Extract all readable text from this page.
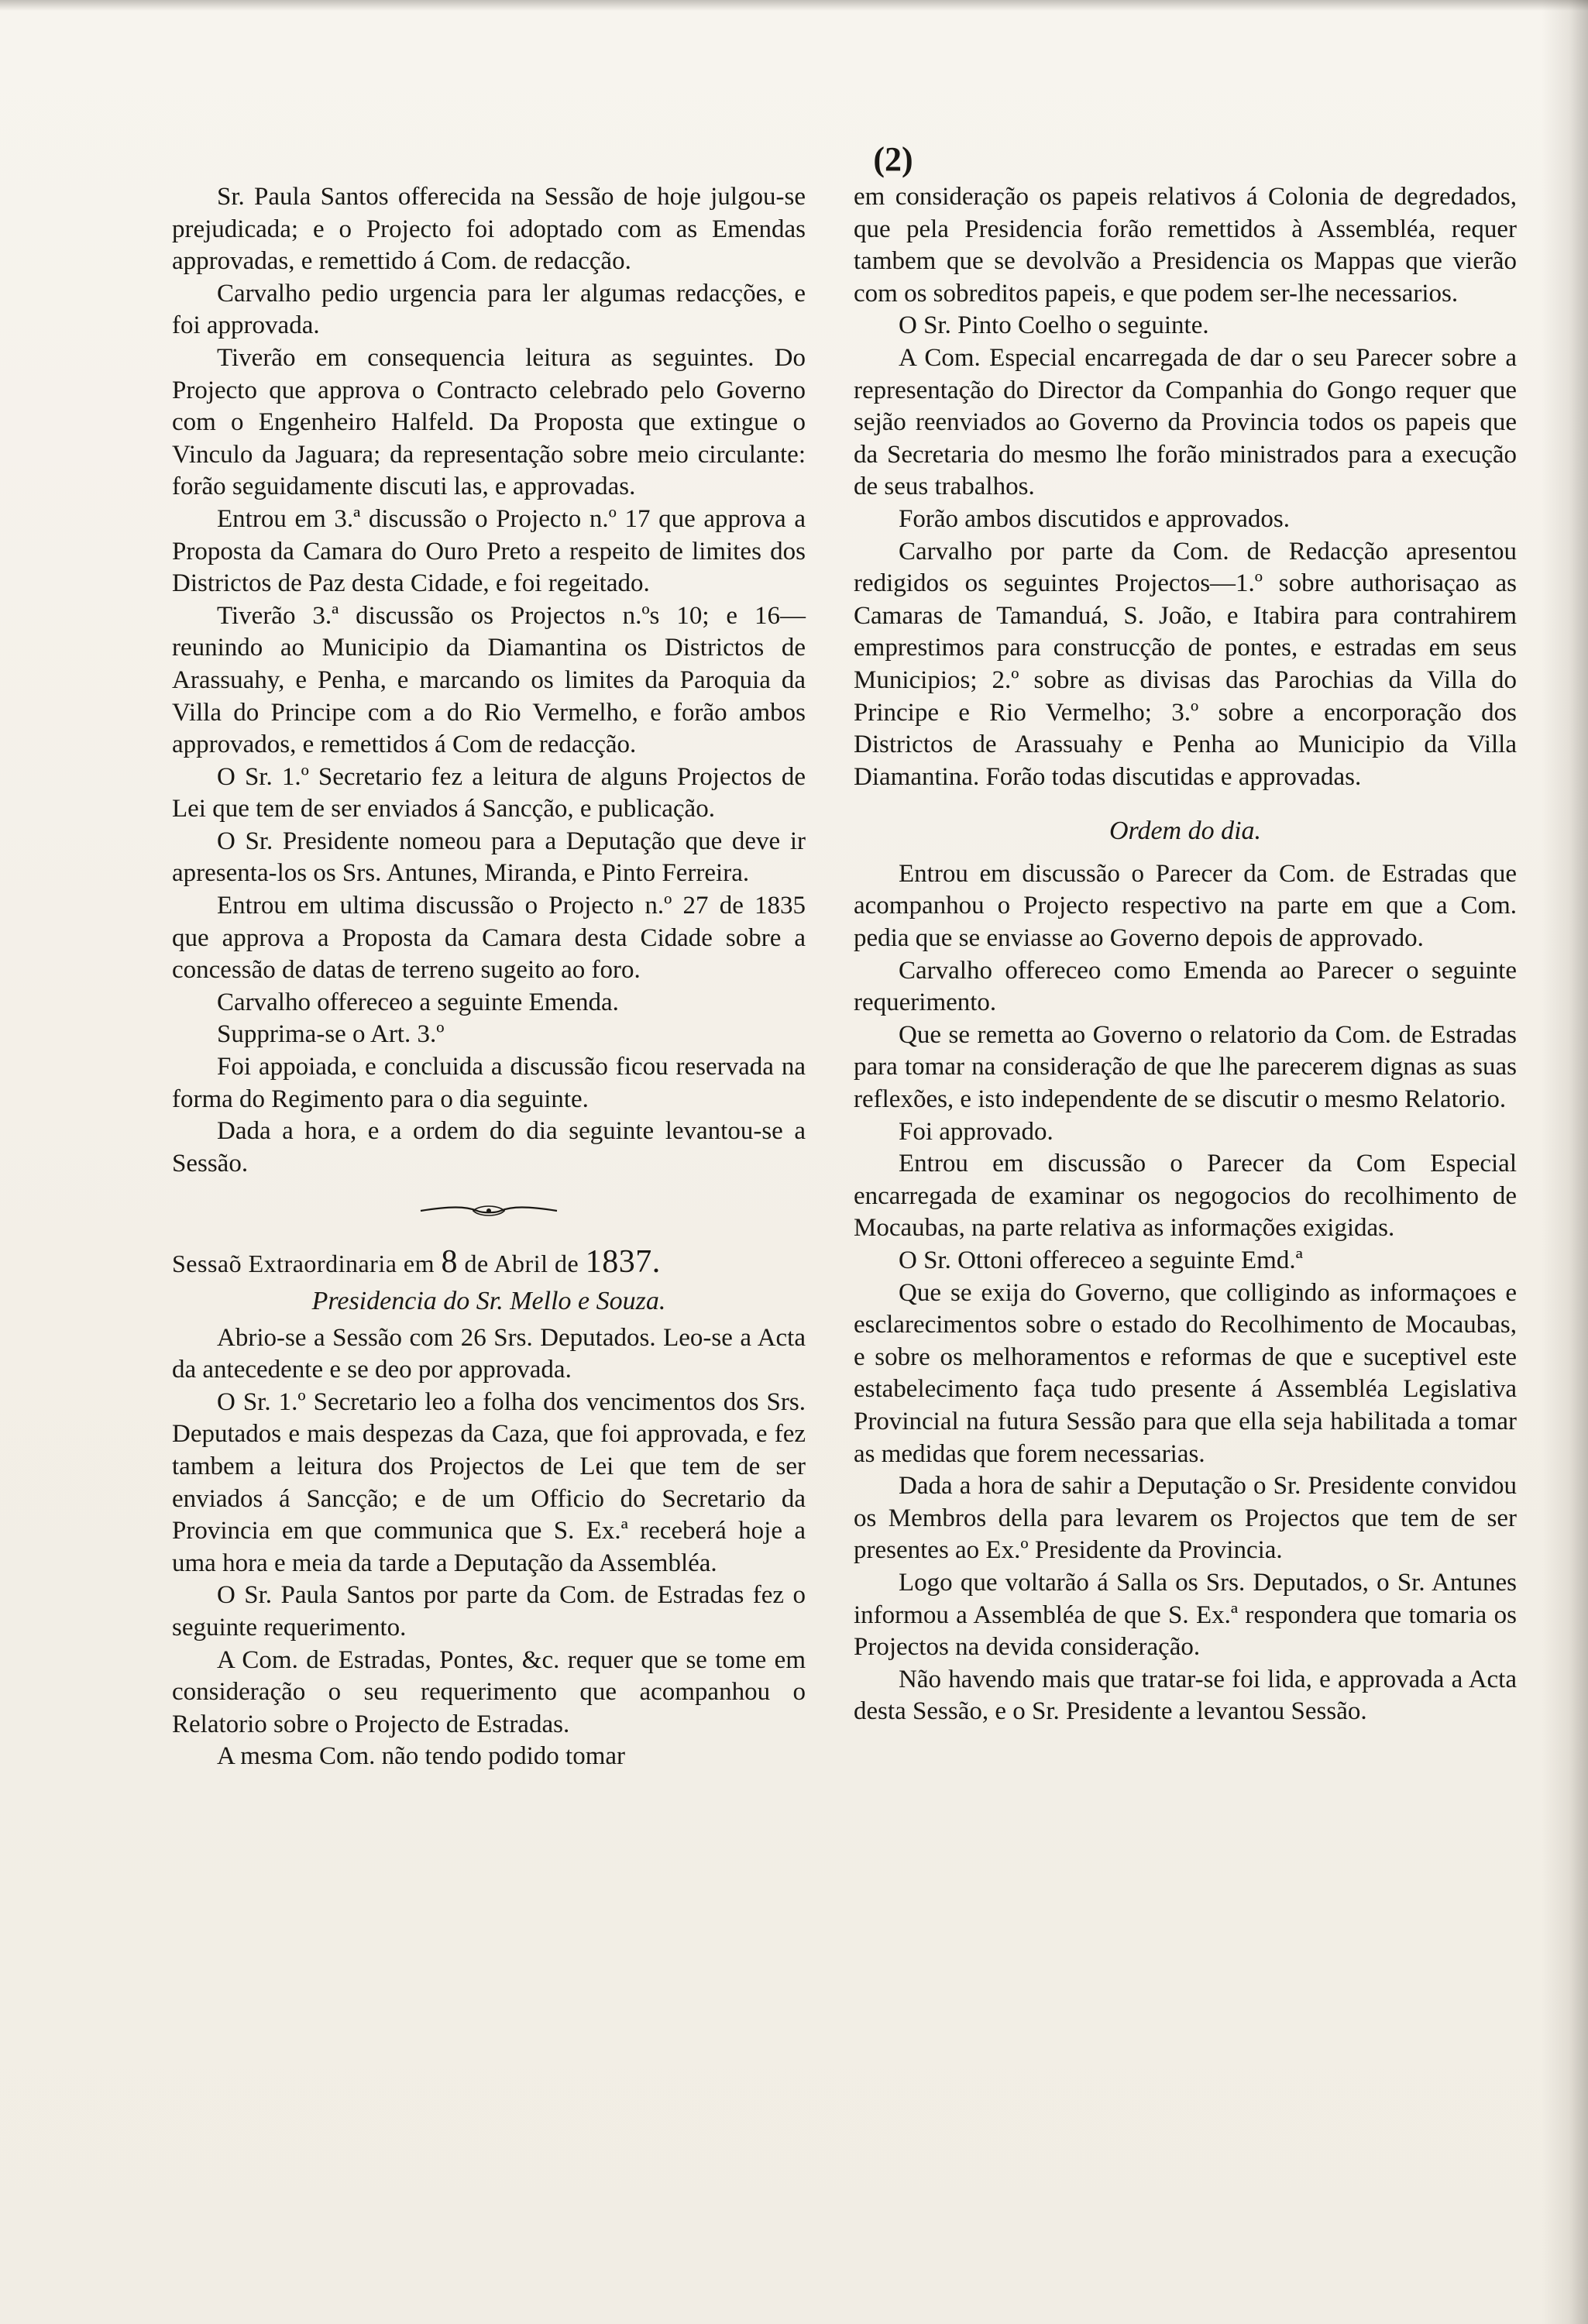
(2)

Sr. Paula Santos offerecida na Sessão de hoje julgou-se prejudicada; e o Projecto foi adoptado com as Emendas approvadas, e remettido á Com. de redacção.

Carvalho pedio urgencia para ler algumas redacções, e foi approvada.

Tiverão em consequencia leitura as seguintes. Do Projecto que approva o Contracto celebrado pelo Governo com o Engenheiro Halfeld. Da Proposta que extingue o Vinculo da Jaguara; da representação sobre meio circulante: forão seguidamente discuti las, e approvadas.

Entrou em 3.ª discussão o Projecto n.º 17 que approva a Proposta da Camara do Ouro Preto a respeito de limites dos Districtos de Paz desta Cidade, e foi regeitado.

Tiverão 3.ª discussão os Projectos n.ºs 10; e 16—reunindo ao Municipio da Diamantina os Districtos de Arassuahy, e Penha, e marcando os limites da Paroquia da Villa do Principe com a do Rio Vermelho, e forão ambos approvados, e remettidos á Com de redacção.

O Sr. 1.º Secretario fez a leitura de alguns Projectos de Lei que tem de ser enviados á Sancção, e publicação.

O Sr. Presidente nomeou para a Deputação que deve ir apresenta-los os Srs. Antunes, Miranda, e Pinto Ferreira.

Entrou em ultima discussão o Projecto n.º 27 de 1835 que approva a Proposta da Camara desta Cidade sobre a concessão de datas de terreno sugeito ao foro.

Carvalho offereceo a seguinte Emenda.

Supprima-se o Art. 3.º

Foi appoiada, e concluida a discussão ficou reservada na forma do Regimento para o dia seguinte.

Dada a hora, e a ordem do dia seguinte levantou-se a Sessão.

Sessaõ Extraordinaria em 8 de Abril de 1837.
Presidencia do Sr. Mello e Souza.

Abrio-se a Sessão com 26 Srs. Deputados. Leo-se a Acta da antecedente e se deo por approvada.

O Sr. 1.º Secretario leo a folha dos vencimentos dos Srs. Deputados e mais despezas da Caza, que foi approvada, e fez tambem a leitura dos Projectos de Lei que tem de ser enviados á Sancção; e de um Officio do Secretario da Provincia em que communica que S. Ex.ª receberá hoje a uma hora e meia da tarde a Deputação da Assembléa.

O Sr. Paula Santos por parte da Com. de Estradas fez o seguinte requerimento.

A Com. de Estradas, Pontes, &c. requer que se tome em consideração o seu requerimento que acompanhou o Relatorio sobre o Projecto de Estradas.

A mesma Com. não tendo podido tomar

em consideração os papeis relativos á Colonia de degredados, que pela Presidencia forão remettidos à Assembléa, requer tambem que se devolvão a Presidencia os Mappas que vierão com os sobreditos papeis, e que podem ser-lhe necessarios.

O Sr. Pinto Coelho o seguinte.

A Com. Especial encarregada de dar o seu Parecer sobre a representação do Director da Companhia do Gongo requer que sejão reenviados ao Governo da Provincia todos os papeis que da Secretaria do mesmo lhe forão ministrados para a execução de seus trabalhos.

Forão ambos discutidos e approvados.

Carvalho por parte da Com. de Redacção apresentou redigidos os seguintes Projectos—1.º sobre authorisaçao as Camaras de Tamanduá, S. João, e Itabira para contrahirem emprestimos para construcção de pontes, e estradas em seus Municipios; 2.º sobre as divisas das Parochias da Villa do Principe e Rio Vermelho; 3.º sobre a encorporação dos Districtos de Arassuahy e Penha ao Municipio da Villa Diamantina. Forão todas discutidas e approvadas.

Ordem do dia.

Entrou em discussão o Parecer da Com. de Estradas que acompanhou o Projecto respectivo na parte em que a Com. pedia que se enviasse ao Governo depois de approvado.

Carvalho offereceo como Emenda ao Parecer o seguinte requerimento.

Que se remetta ao Governo o relatorio da Com. de Estradas para tomar na consideração de que lhe parecerem dignas as suas reflexões, e isto independente de se discutir o mesmo Relatorio.

Foi approvado.

Entrou em discussão o Parecer da Com Especial encarregada de examinar os negogocios do recolhimento de Mocaubas, na parte relativa as informações exigidas.

O Sr. Ottoni offereceo a seguinte Emd.ª

Que se exija do Governo, que colligindo as informaçoes e esclarecimentos sobre o estado do Recolhimento de Mocaubas, e sobre os melhoramentos e reformas de que e suceptivel este estabelecimento faça tudo presente á Assembléa Legislativa Provincial na futura Sessão para que ella seja habilitada a tomar as medidas que forem necessarias.

Dada a hora de sahir a Deputação o Sr. Presidente convidou os Membros della para levarem os Projectos que tem de ser presentes ao Ex.º Presidente da Provincia.

Logo que voltarão á Salla os Srs. Deputados, o Sr. Antunes informou a Assembléa de que S. Ex.ª respondera que tomaria os Projectos na devida consideração.

Não havendo mais que tratar-se foi lida, e approvada a Acta desta Sessão, e o Sr. Presidente a levantou Sessão.
